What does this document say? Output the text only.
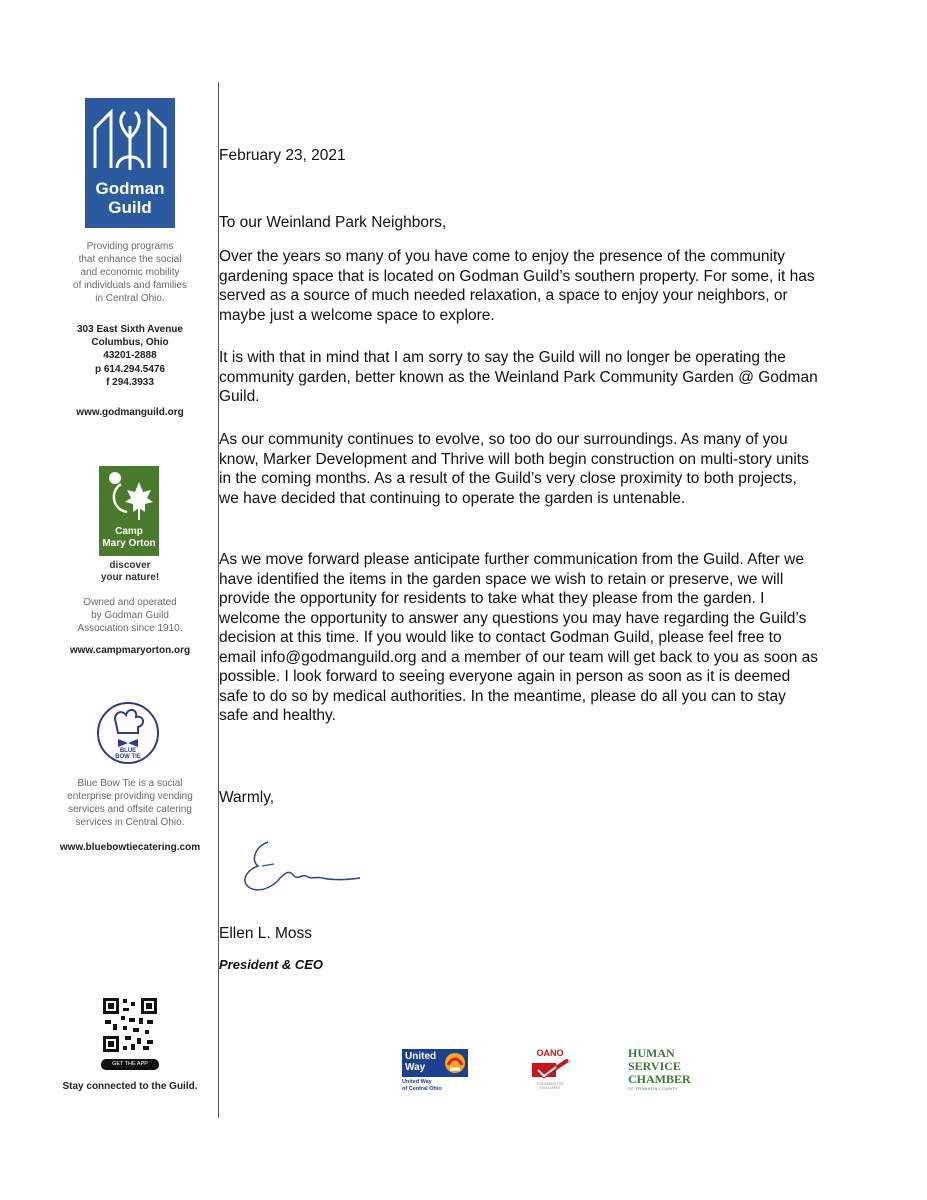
Godman
Guild
Providing programs
that enhance the social
and economic mobility
of individuals and families
in Central Ohio.
303 East Sixth Avenue
Columbus, Ohio
43201-2888
p 614.294.5476
f 294.3933
www.godmanguild.org
Camp
Mary Orton
discover
your nature!
Owned and operated
by Godman Guild
Association since 1910.
www.campmaryorton.org
BLUE
BOW TIE
Blue Bow Tie is a social
enterprise providing vending
services and offsite catering
services in Central Ohio.
www.bluebowtiecatering.com
GET THE APP
Stay connected to the Guild.
February 23, 2021
To our Weinland Park Neighbors,
Over the years so many of you have come to enjoy the presence of the community gardening space that is located on Godman Guild’s southern property. For some, it has served as a source of much needed relaxation, a space to enjoy your neighbors, or maybe just a welcome space to explore.
It is with that in mind that I am sorry to say the Guild will no longer be operating the community garden, better known as the Weinland Park Community Garden @ Godman Guild.
As our community continues to evolve, so too do our surroundings. As many of you know, Marker Development and Thrive will both begin construction on multi-story units in the coming months. As a result of the Guild’s very close proximity to both projects, we have decided that continuing to operate the garden is untenable.
As we move forward please anticipate further communication from the Guild. After we have identified the items in the garden space we wish to retain or preserve, we will provide the opportunity for residents to take what they please from the garden. I welcome the opportunity to answer any questions you may have regarding the Guild’s decision at this time. If you would like to contact Godman Guild, please feel free to email info@godmanguild.org and a member of our team will get back to you as soon as possible. I look forward to seeing everyone again in person as soon as it is deemed safe to do so by medical authorities. In the meantime, please do all you can to stay safe and healthy.
Warmly,
Ellen L. Moss
President & CEO
United
Way
United Way
of Central Ohio
OANO
STANDARDS FOR EXCELLENCE
HUMAN
SERVICE
CHAMBER
OF FRANKLIN COUNTY
